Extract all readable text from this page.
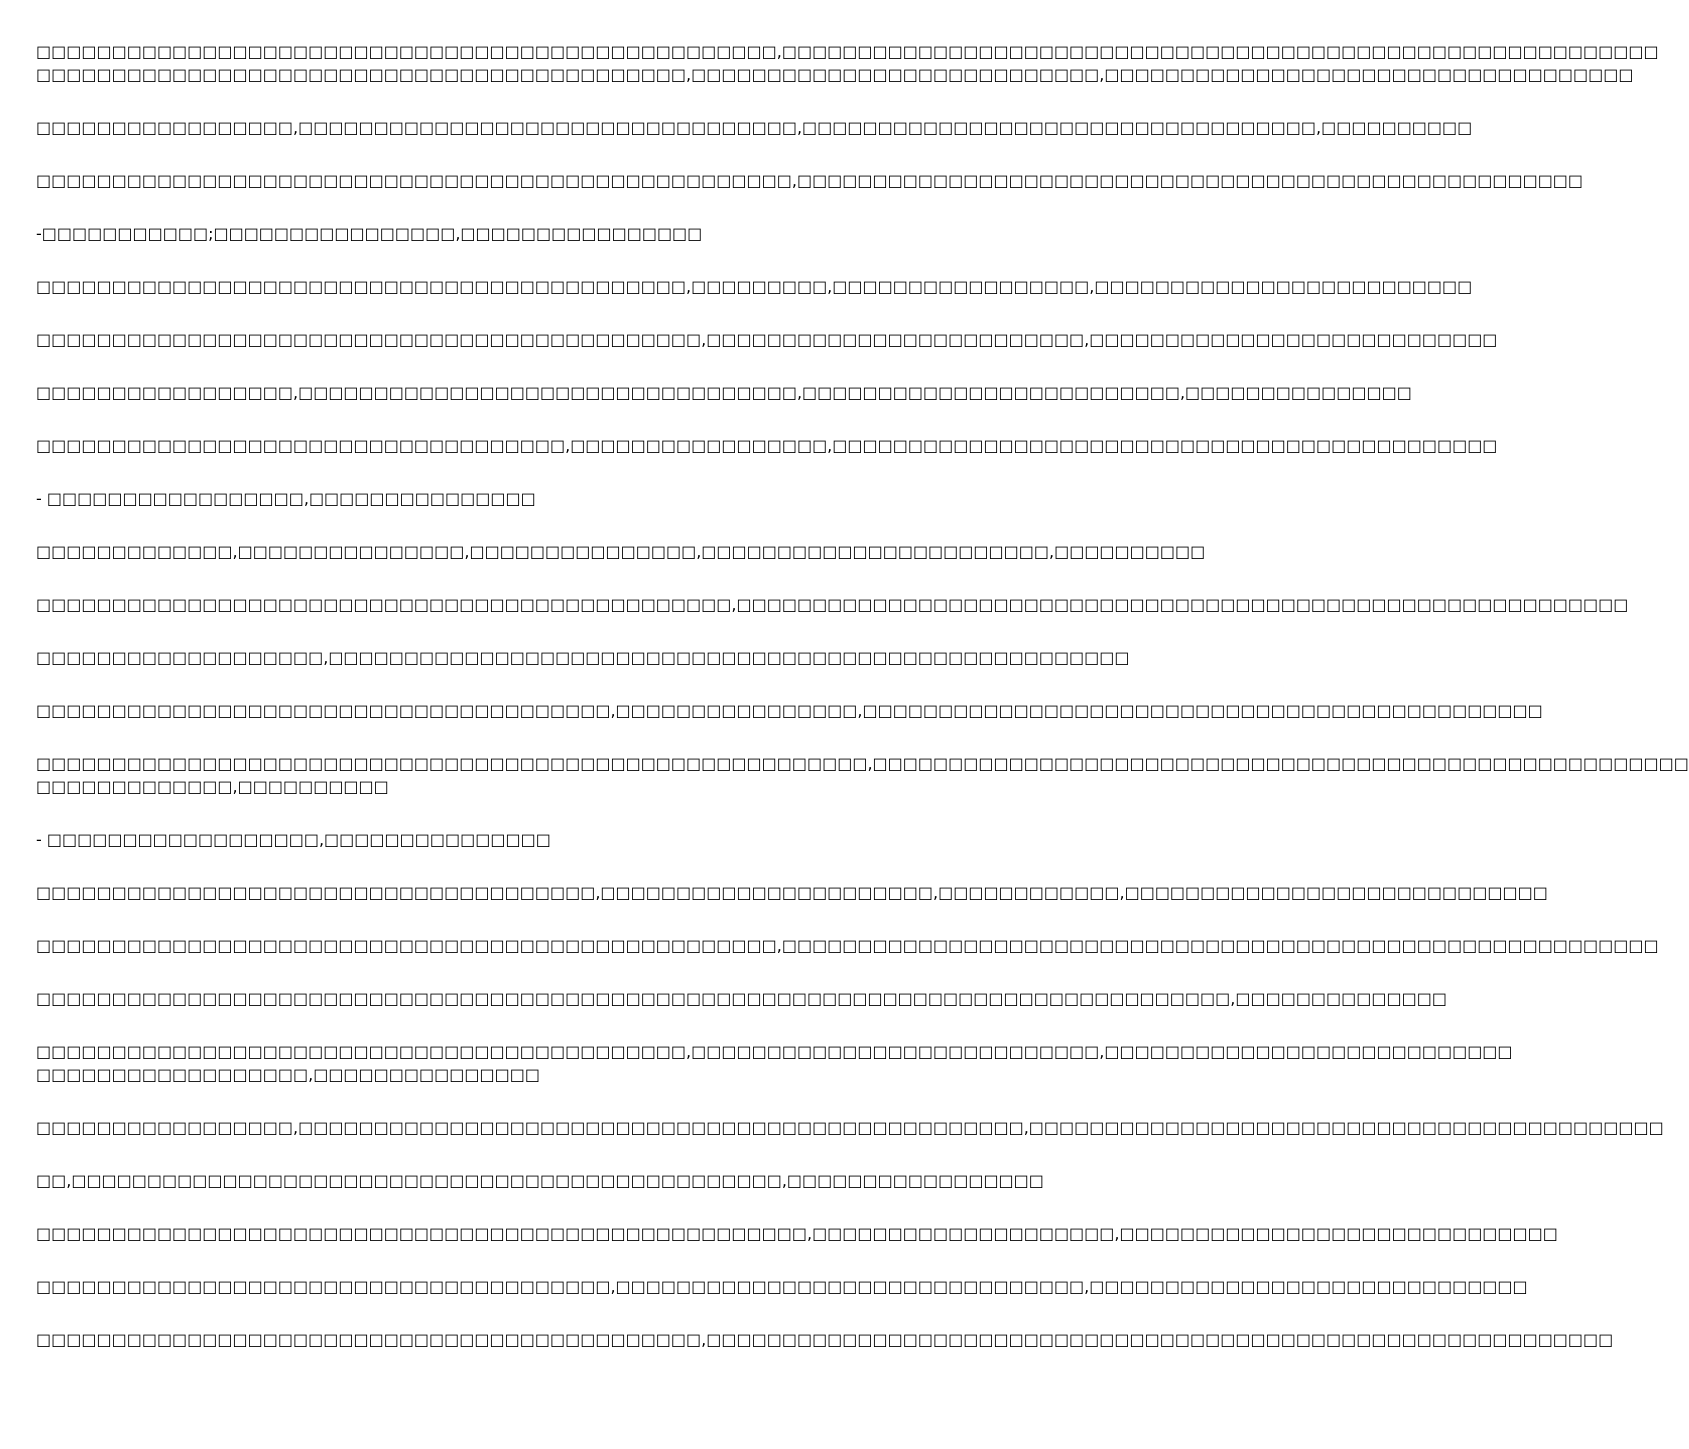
□□□□□□□□□□□□□□□□□□□□□□□□□□□□□□□□□□□□□□□□□□□□□□□□□,□□□□□□□□□□□□□□□□□□□□□□□□□□□□□□□□□□□□□□□□□□□□□□□□□□□□□□□□□□
□□□□□□□□□□□□□□□□□□□□□□□□□□□□□□□□□□□□□□□□□□□,□□□□□□□□□□□□□□□□□□□□□□□□□□□,□□□□□□□□□□□□□□□□□□□□□□□□□□□□□□□□□□□
□□□□□□□□□□□□□□□□□,□□□□□□□□□□□□□□□□□□□□□□□□□□□□□□□□□,□□□□□□□□□□□□□□□□□□□□□□□□□□□□□□□□□□,□□□□□□□□□□
□□□□□□□□□□□□□□□□□□□□□□□□□□□□□□□□□□□□□□□□□□□□□□□□□□,□□□□□□□□□□□□□□□□□□□□□□□□□□□□□□□□□□□□□□□□□□□□□□□□□□□□
-□□□□□□□□□□□;□□□□□□□□□□□□□□□□,□□□□□□□□□□□□□□□□
□□□□□□□□□□□□□□□□□□□□□□□□□□□□□□□□□□□□□□□□□□□,□□□□□□□□□,□□□□□□□□□□□□□□□□□,□□□□□□□□□□□□□□□□□□□□□□□□□
□□□□□□□□□□□□□□□□□□□□□□□□□□□□□□□□□□□□□□□□□□□□,□□□□□□□□□□□□□□□□□□□□□□□□□,□□□□□□□□□□□□□□□□□□□□□□□□□□□
□□□□□□□□□□□□□□□□□,□□□□□□□□□□□□□□□□□□□□□□□□□□□□□□□□□,□□□□□□□□□□□□□□□□□□□□□□□□□,□□□□□□□□□□□□□□□
□□□□□□□□□□□□□□□□□□□□□□□□□□□□□□□□□□□,□□□□□□□□□□□□□□□□□,□□□□□□□□□□□□□□□□□□□□□□□□□□□□□□□□□□□□□□□□□□□□
- □□□□□□□□□□□□□□□□□,□□□□□□□□□□□□□□□
□□□□□□□□□□□□□,□□□□□□□□□□□□□□□,□□□□□□□□□□□□□□□,□□□□□□□□□□□□□□□□□□□□□□□,□□□□□□□□□□
□□□□□□□□□□□□□□□□□□□□□□□□□□□□□□□□□□□□□□□□□□□□□□,□□□□□□□□□□□□□□□□□□□□□□□□□□□□□□□□□□□□□□□□□□□□□□□□□□□□□□□□□□□
□□□□□□□□□□□□□□□□□□□,□□□□□□□□□□□□□□□□□□□□□□□□□□□□□□□□□□□□□□□□□□□□□□□□□□□□□
□□□□□□□□□□□□□□□□□□□□□□□□□□□□□□□□□□□□□□,□□□□□□□□□□□□□□□□,□□□□□□□□□□□□□□□□□□□□□□□□□□□□□□□□□□□□□□□□□□□□□
□□□□□□□□□□□□□□□□□□□□□□□□□□□□□□□□□□□□□□□□□□□□□□□□□□□□□□□,□□□□□□□□□□□□□□□□□□□□□□□□□□□□□□□□□□□□□□□□□□□□□□□□□□□□□□
□□□□□□□□□□□□□,□□□□□□□□□□
- □□□□□□□□□□□□□□□□□□,□□□□□□□□□□□□□□□
□□□□□□□□□□□□□□□□□□□□□□□□□□□□□□□□□□□□□,□□□□□□□□□□□□□□□□□□□□□□,□□□□□□□□□□□□,□□□□□□□□□□□□□□□□□□□□□□□□□□□□
□□□□□□□□□□□□□□□□□□□□□□□□□□□□□□□□□□□□□□□□□□□□□□□□□,□□□□□□□□□□□□□□□□□□□□□□□□□□□□□□□□□□□□□□□□□□□□□□□□□□□□□□□□□□
□□□□□□□□□□□□□□□□□□□□□□□□□□□□□□□□□□□□□□□□□□□□□□□□□□□□□□□□□□□□□□□□□□□□□□□□□□□□□□□,□□□□□□□□□□□□□□
□□□□□□□□□□□□□□□□□□□□□□□□□□□□□□□□□□□□□□□□□□□,□□□□□□□□□□□□□□□□□□□□□□□□□□□,□□□□□□□□□□□□□□□□□□□□□□□□□□□
□□□□□□□□□□□□□□□□□□,□□□□□□□□□□□□□□□
□□□□□□□□□□□□□□□□□,□□□□□□□□□□□□□□□□□□□□□□□□□□□□□□□□□□□□□□□□□□□□□□□□,□□□□□□□□□□□□□□□□□□□□□□□□□□□□□□□□□□□□□□□□□□
□□,□□□□□□□□□□□□□□□□□□□□□□□□□□□□□□□□□□□□□□□□□□□□□□□,□□□□□□□□□□□□□□□□□
□□□□□□□□□□□□□□□□□□□□□□□□□□□□□□□□□□□□□□□□□□□□□□□□□□□,□□□□□□□□□□□□□□□□□□□□,□□□□□□□□□□□□□□□□□□□□□□□□□□□□□
□□□□□□□□□□□□□□□□□□□□□□□□□□□□□□□□□□□□□□,□□□□□□□□□□□□□□□□□□□□□□□□□□□□□□□,□□□□□□□□□□□□□□□□□□□□□□□□□□□□□
□□□□□□□□□□□□□□□□□□□□□□□□□□□□□□□□□□□□□□□□□□□□,□□□□□□□□□□□□□□□□□□□□□□□□□□□□□□□□□□□□□□□□□□□□□□□□□□□□□□□□□□□□
